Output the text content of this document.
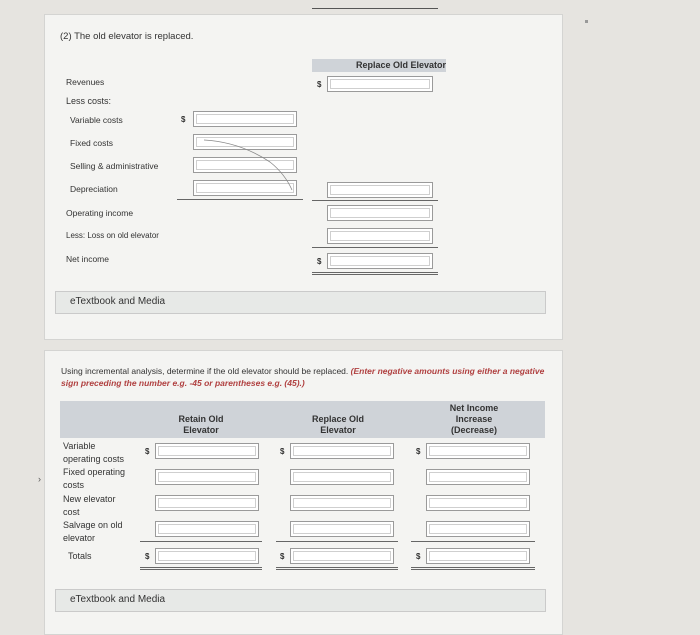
(2) The old elevator is replaced.
Replace Old Elevator
Revenues
Less costs:
Variable costs
Fixed costs
Selling & administrative
Depreciation
Operating income
Less: Loss on old elevator
Net income
$
$
$
eTextbook and Media
Using incremental analysis, determine if the old elevator should be replaced. (Enter negative amounts using either a negative sign preceding the number e.g. -45 or parentheses e.g. (45).)
Retain Old Elevator
Replace Old Elevator
Net Income Increase (Decrease)
Variable operating costs
Fixed operating costs
New elevator cost
Salvage on old elevator
Totals
$
$
$
$
$
$
eTextbook and Media
›
